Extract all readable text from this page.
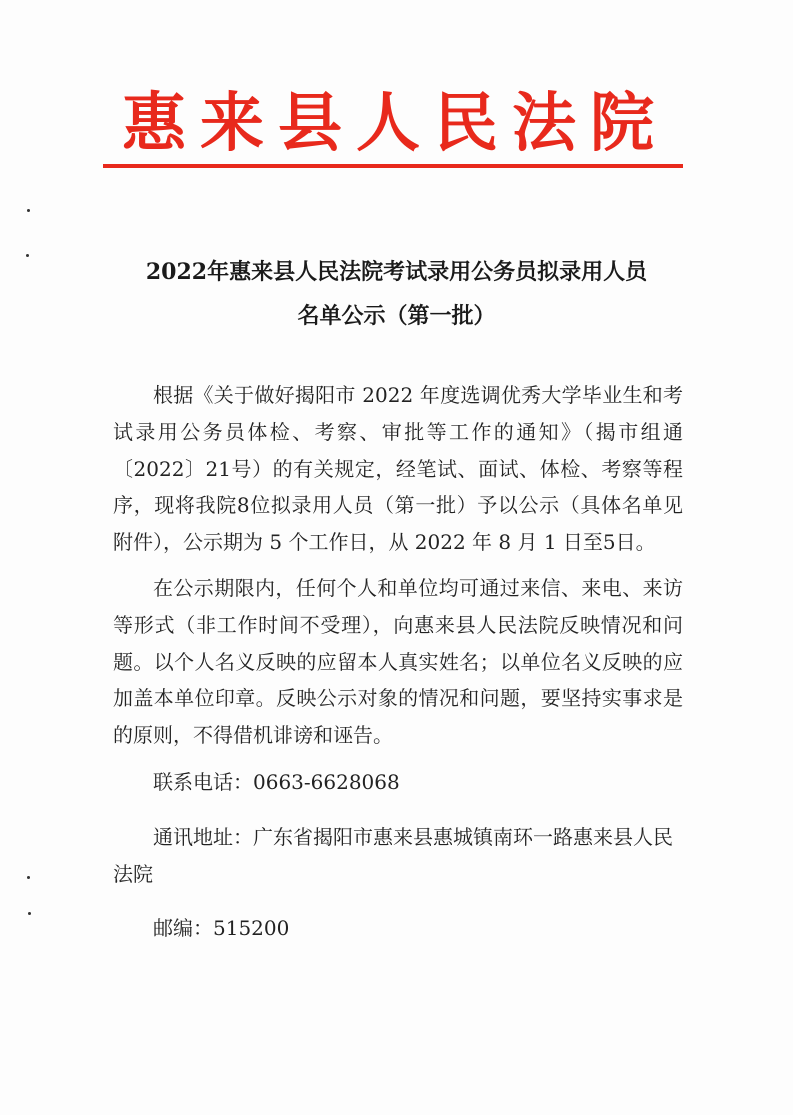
惠来县人民法院
2022年惠来县人民法院考试录用公务员拟录用人员
名单公示（第一批）

根据《关于做好揭阳市 2022 年度选调优秀大学毕业生和考试录用公务员体检、考察、审批等工作的通知》（揭市组通〔2022〕21号）的有关规定，经笔试、面试、体检、考察等程序，现将我院8位拟录用人员（第一批）予以公示（具体名单见附件），公示期为 5 个工作日，从 2022 年 8 月 1 日至5日。

在公示期限内，任何个人和单位均可通过来信、来电、来访等形式（非工作时间不受理），向惠来县人民法院反映情况和问题。以个人名义反映的应留本人真实姓名；以单位名义反映的应加盖本单位印章。反映公示对象的情况和问题，要坚持实事求是的原则，不得借机诽谤和诬告。

联系电话：0663-6628068

通讯地址：广东省揭阳市惠来县惠城镇南环一路惠来县人民法院

邮编：515200
